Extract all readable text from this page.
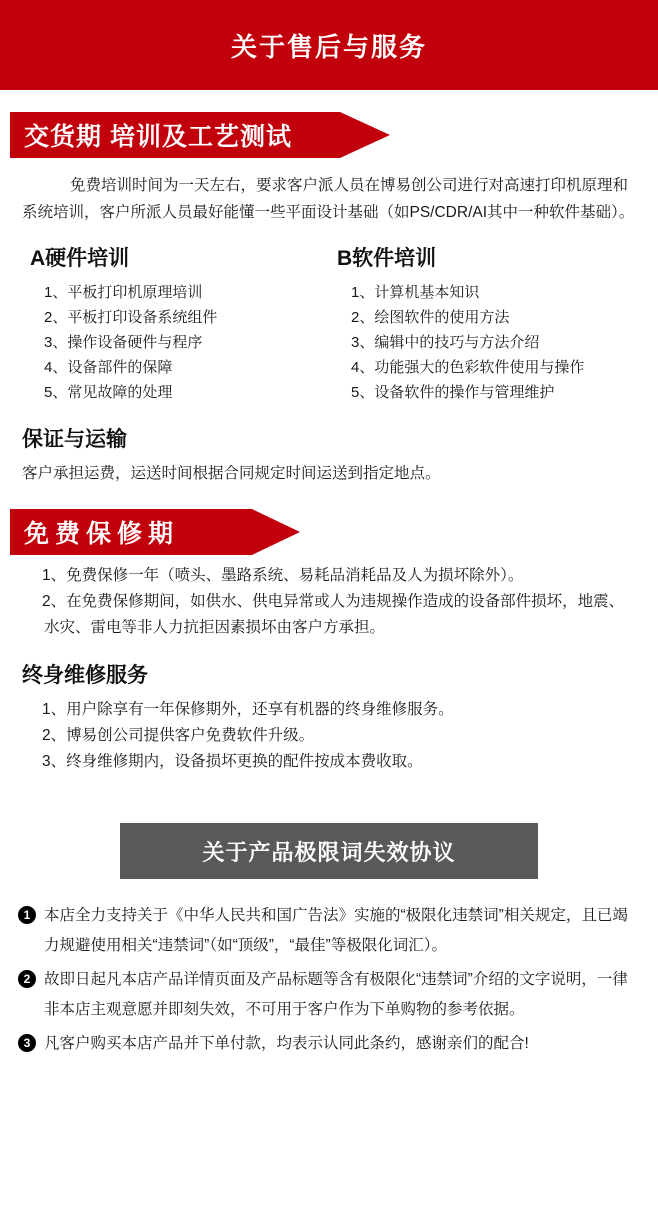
关于售后与服务
交货期 培训及工艺测试

免费培训时间为一天左右，要求客户派人员在博易创公司进行对高速打印机原理和系统培训，客户所派人员最好能懂一些平面设计基础（如PS/CDR/AI其中一种软件基础）。

A硬件培训
1、平板打印机原理培训
2、平板打印设备系统组件
3、操作设备硬件与程序
4、设备部件的保障
5、常见故障的处理
B软件培训
1、计算机基本知识
2、绘图软件的使用方法
3、编辑中的技巧与方法介绍
4、功能强大的色彩软件使用与操作
5、设备软件的操作与管理维护
保证与运输

客户承担运费，运送时间根据合同规定时间运送到指定地点。

免费保修期
1、免费保修一年（喷头、墨路系统、易耗品消耗品及人为损坏除外）。
2、在免费保修期间，如供水、供电异常或人为违规操作造成的设备部件损坏，地震、水灾、雷电等非人力抗拒因素损坏由客户方承担。
终身维修服务
1、用户除享有一年保修期外，还享有机器的终身维修服务。
2、博易创公司提供客户免费软件升级。
3、终身维修期内，设备损坏更换的配件按成本费收取。
关于产品极限词失效协议
1 本店全力支持关于《中华人民共和国广告法》实施的“极限化违禁词”相关规定，且已竭力规避使用相关“违禁词”（如“顶级”，“最佳”等极限化词汇）。
2 故即日起凡本店产品详情页面及产品标题等含有极限化“违禁词”介绍的文字说明，一律非本店主观意愿并即刻失效，不可用于客户作为下单购物的参考依据。
3 凡客户购买本店产品并下单付款，均表示认同此条约，感谢亲们的配合!
